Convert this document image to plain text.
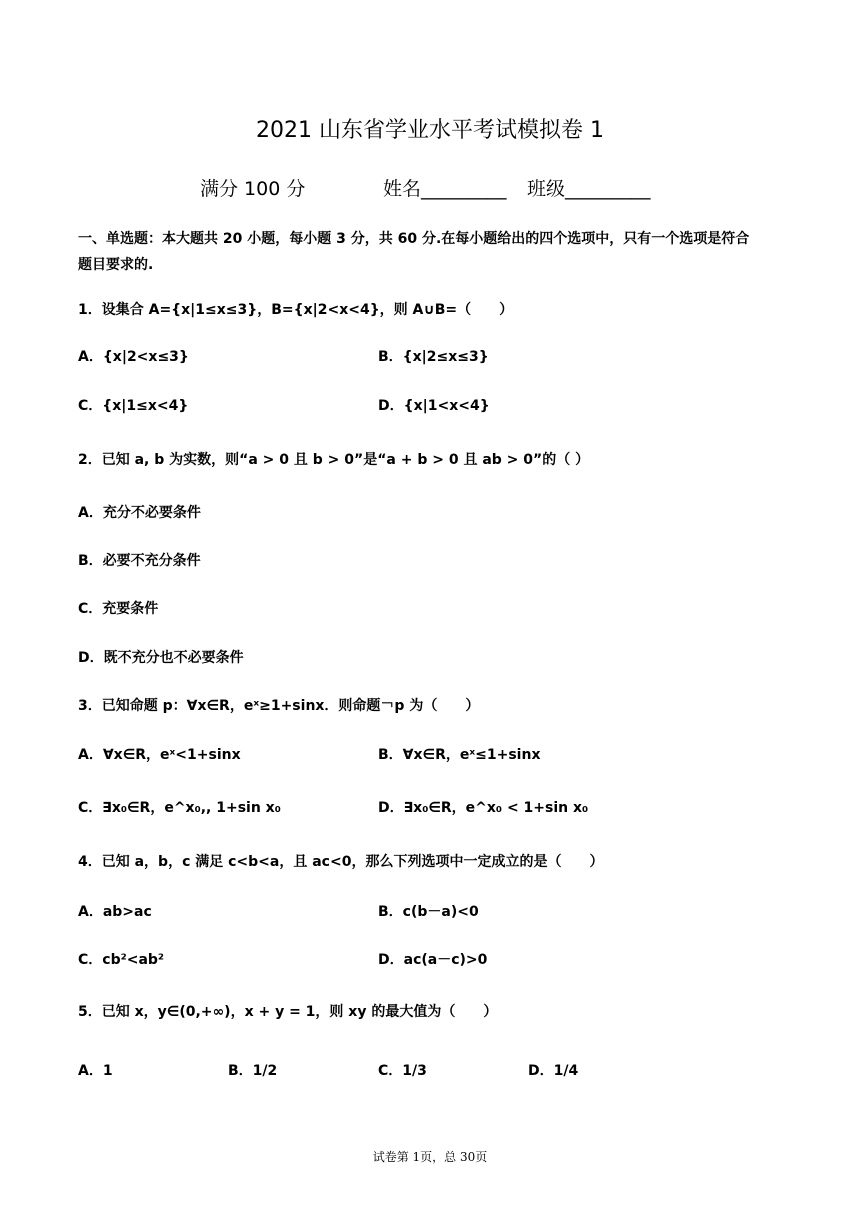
2021 山东省学业水平考试模拟卷 1
满分 100 分	姓名_________ 班级_________
一、单选题：本大题共 20 小题，每小题 3 分，共 60 分.在每小题给出的四个选项中，只有一个选项是符合
题目要求的.
1．设集合 A={x|1≤x≤3}，B={x|2<x<4}，则 A∪B=（　　）
A．{x|2<x≤3}	B．{x|2≤x≤3}
C．{x|1≤x<4}	D．{x|1<x<4}
2．已知 a, b 为实数，则“a > 0 且 b > 0”是“a + b > 0 且 ab > 0”的（ ）
A．充分不必要条件
B．必要不充分条件
C．充要条件
D．既不充分也不必要条件
3．已知命题 p：∀x∈R，eˣ≥1+sinx．则命题￢p 为（　　）
A．∀x∈R，eˣ<1+sinx	B．∀x∈R，eˣ≤1+sinx
C．∃x₀∈R，e^x₀,, 1+sin x₀	D．∃x₀∈R，e^x₀ < 1+sin x₀
4．已知 a，b，c 满足 c<b<a，且 ac<0，那么下列选项中一定成立的是（　　）
A．ab>ac	B．c(b－a)<0
C．cb²<ab²	D．ac(a－c)>0
5．已知 x，y∈(0,+∞)，x + y = 1，则 xy 的最大值为（　　）
A．1	B．1/2	C．1/3	D．1/4
试卷第 1页，总 30页
